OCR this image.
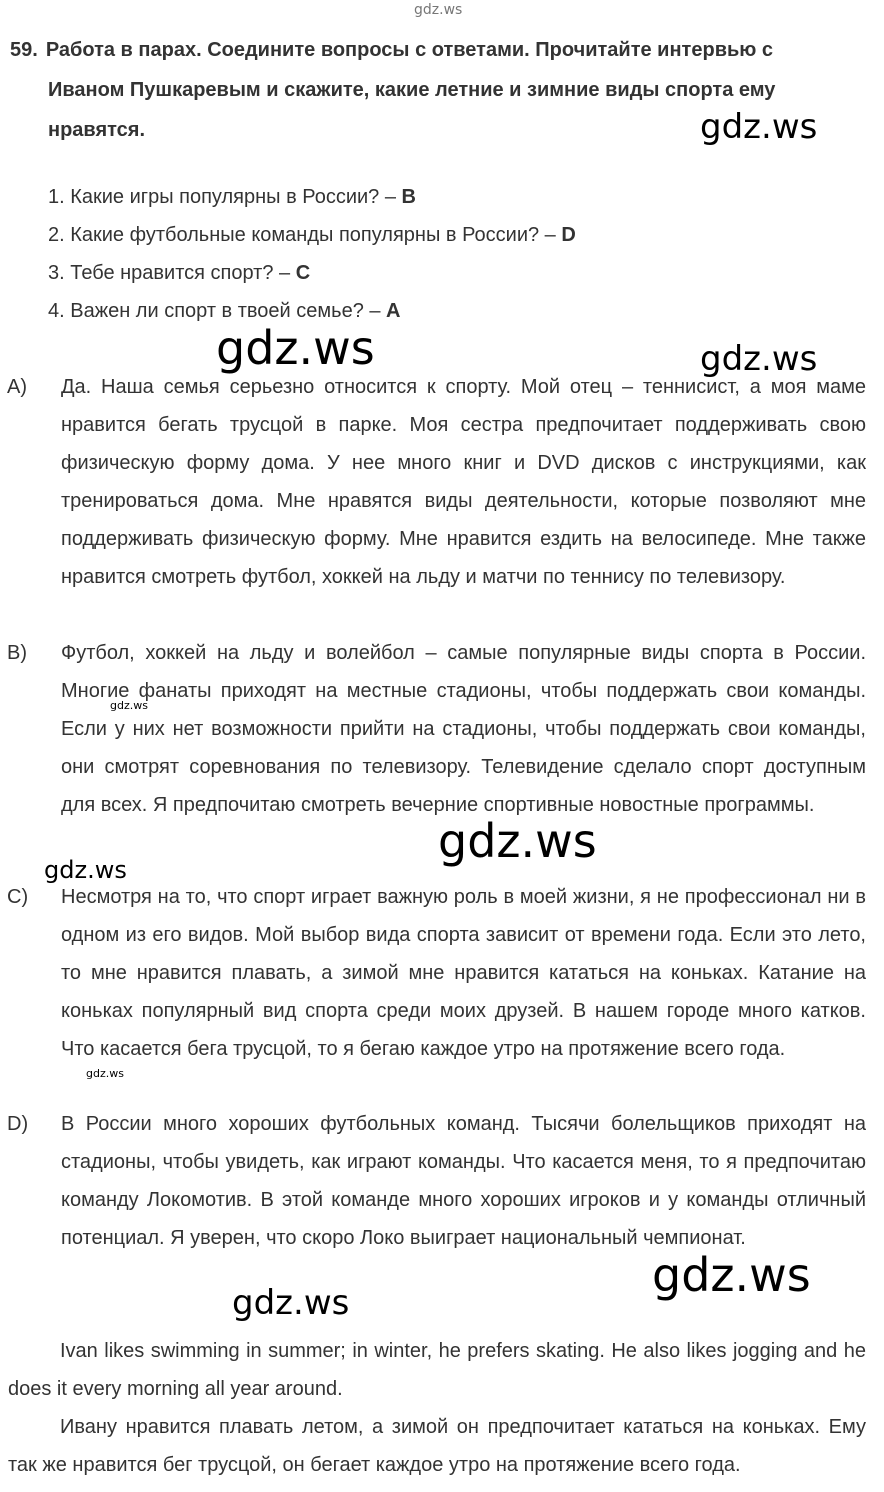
gdz.ws
59. Работа в парах. Соедините вопросы с ответами. Прочитайте интервью с
Иваном Пушкаревым и скажите, какие летние и зимние виды спорта ему
нравятся.	gdz.ws
1. Какие игры популярны в России? – B
2. Какие футбольные команды популярны в России? – D
3. Тебе нравится спорт? – C
4. Важен ли спорт в твоей семье? – A
gdz.ws	gdz.ws

A) Да. Наша семья серьезно относится к спорту. Мой отец – теннисист, а моя маме нравится бегать трусцой в парке. Моя сестра предпочитает поддерживать свою физическую форму дома. У нее много книг и DVD дисков с инструкциями, как тренироваться дома. Мне нравятся виды деятельности, которые позволяют мне поддерживать физическую форму. Мне нравится ездить на велосипеде. Мне также нравится смотреть футбол, хоккей на льду и матчи по теннису по телевизору.

B) Футбол, хоккей на льду и волейбол – самые популярные виды спорта в России. Многие фанаты приходят на местные стадионы, чтобы поддержать свои команды. Если у них нет возможности прийти на стадионы, чтобы поддержать свои команды, они смотрят соревнования по телевизору. Телевидение сделало спорт доступным для всех. Я предпочитаю смотреть вечерние спортивные новостные программы.

gdz.ws
gdz.ws
gdz.ws

C) Несмотря на то, что спорт играет важную роль в моей жизни, я не профессионал ни в одном из его видов. Мой выбор вида спорта зависит от времени года. Если это лето, то мне нравится плавать, а зимой мне нравится кататься на коньках. Катание на коньках популярный вид спорта среди моих друзей. В нашем городе много катков. Что касается бега трусцой, то я бегаю каждое утро на протяжение всего года.

gdz.ws

D) В России много хороших футбольных команд. Тысячи болельщиков приходят на стадионы, чтобы увидеть, как играют команды. Что касается меня, то я предпочитаю команду Локомотив. В этой команде много хороших игроков и у команды отличный потенциал. Я уверен, что скоро Локо выиграет национальный чемпионат.

gdz.ws
gdz.ws

Ivan likes swimming in summer; in winter, he prefers skating. He also likes jogging and he does it every morning all year around.

Ивану нравится плавать летом, а зимой он предпочитает кататься на коньках. Ему так же нравится бег трусцой, он бегает каждое утро на протяжение всего года.
